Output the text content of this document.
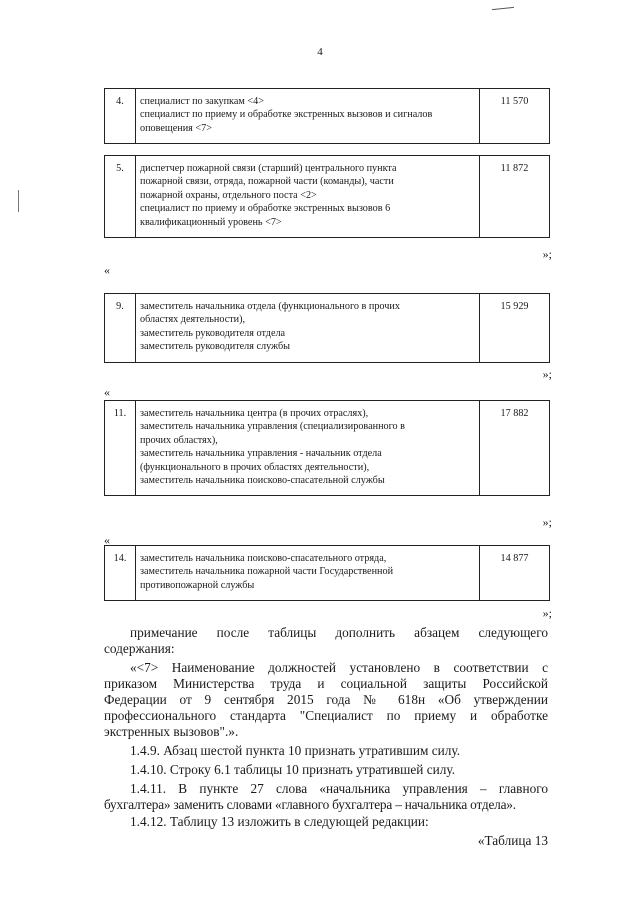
4
4.	специалист по закупкам <4>
специалист по приему и обработке экстренных вызовов и сигналов
оповещения <7>
	11 570
5.	диспетчер пожарной связи (старший) центрального пункта
пожарной связи, отряда, пожарной части (команды), части
пожарной охраны, отдельного поста <2>
специалист по приему и обработке экстренных вызовов 6
квалификационный уровень <7>
	11 872
»;
«
9.	заместитель начальника отдела (функционального в прочих
областях деятельности),
заместитель руководителя отдела
заместитель руководителя службы
	15 929
»;
«
11.	заместитель начальника центра (в прочих отраслях),
заместитель начальника управления (специализированного в
прочих областях),
заместитель начальника управления - начальник отдела
(функционального в прочих областях деятельности),
заместитель начальника поисково-спасательной службы
	17 882
»;
«
14.	заместитель начальника поисково-спасательного отряда,
заместитель начальника пожарной части Государственной
противопожарной службы
	14 877
»;
примечание после таблицы дополнить абзацем следующего
содержания:
«<7> Наименование должностей установлено в соответствии с
приказом Министерства труда и социальной защиты Российской
Федерации от 9 сентября 2015 года № 618н «Об утверждении
профессионального стандарта "Специалист по приему и обработке
экстренных вызовов".».
1.4.9. Абзац шестой пункта 10 признать утратившим силу.
1.4.10. Строку 6.1 таблицы 10 признать утратившей силу.
1.4.11. В пункте 27 слова «начальника управления – главного
бухгалтера» заменить словами «главного бухгалтера – начальника отдела».
1.4.12. Таблицу 13 изложить в следующей редакции:
«Таблица 13
